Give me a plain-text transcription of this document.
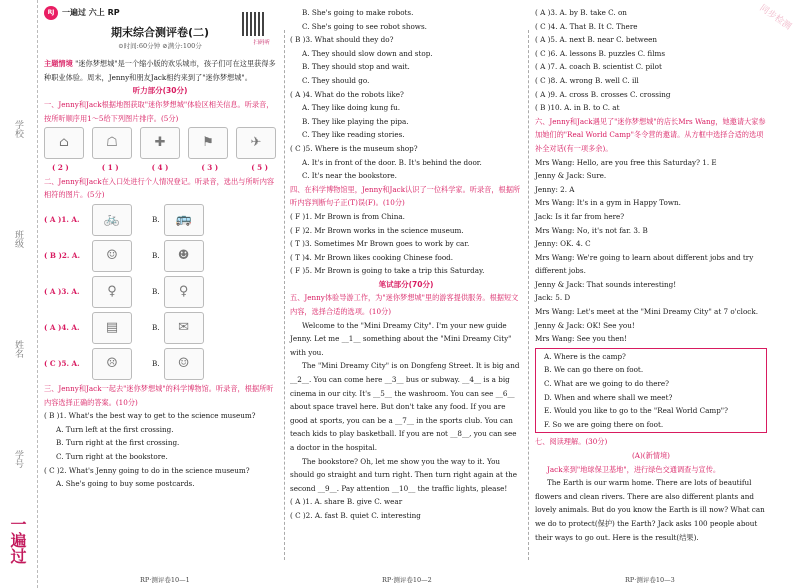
学校
班级
姓名
学号
一遍过
同步检测
RJ 一遍过 六上 RP
期末综合测评卷(二)
⊙时间:60分钟 ⊘满分:100分	扫码听
主题情境 "迷你梦想城"是一个缩小版的欢乐城市，孩子们可在这里获得多种职业体验。周末，Jenny和朋友Jack相约来到了"迷你梦想城"。
听力部分(30分)
一、Jenny和Jack根据地图获取"迷你梦想城"体验区相关信息。听录音，按所听顺序用1～5给下列图片排序。(5分)
⌂	☖	✚	⚑	✈
( 2 )	( 1 )	( 4 )	( 3 )	( 5 )
二、Jenny和Jack在入口处进行个人情况登记。听录音，选出与所听内容相符的图片。(5分)
( A )1. A.	🚲	B.	🚌
( B )2. A.	☺	B.	☻
( A )3. A.	♀	B.	♀
( A )4. A.	▤	B.	✉
( C )5. A.	☹	B.	☺
三、Jenny和Jack一起去"迷你梦想城"的科学博物馆。听录音，根据所听内容选择正确的答案。(10分)
( B )1. What's the best way to get to the science museum?
A. Turn left at the first crossing.
B. Turn right at the first crossing.
C. Turn right at the bookstore.
( C )2. What's Jenny going to do in the science museum?
A. She's going to buy some postcards.
RP·测评卷10—1
B. She's going to make robots.
C. She's going to see robot shows.
( B )3. What should they do?
A. They should slow down and stop.
B. They should stop and wait.
C. They should go.
( A )4. What do the robots like?
A. They like doing kung fu.
B. They like playing the pipa.
C. They like reading stories.
( C )5. Where is the museum shop?
A. It's in front of the door. B. It's behind the door.
C. It's near the bookstore.
四、在科学博物馆里，Jenny和Jack认识了一位科学家。听录音，根据所听内容判断句子正(T)误(F)。(10分)
( F )1. Mr Brown is from China.
( F )2. Mr Brown works in the science museum.
( T )3. Sometimes Mr Brown goes to work by car.
( T )4. Mr Brown likes cooking Chinese food.
( F )5. Mr Brown is going to take a trip this Saturday.
笔试部分(70分)
五、Jenny体验导游工作，为"迷你梦想城"里的游客提供服务。根据短文内容，选择合适的选项。(10分)
Welcome to the "Mini Dreamy City". I'm your new guide Jenny. Let me __1__ something about the "Mini Dreamy City" with you.
The "Mini Dreamy City" is on Dongfeng Street. It is big and __2__. You can come here __3__ bus or subway. __4__ is a big cinema in our city. It's __5__ the washroom. You can see __6__ about space travel here. But don't take any food. If you are good at sports, you can be a __7__ in the sports club. You can teach kids to play basketball. If you are not __8__, you can see a doctor in the hospital.
The bookstore? Oh, let me show you the way to it. You should go straight and turn right. Then turn right again at the second __9__. Pay attention __10__ the traffic lights, please!
( A )1. A. share B. give C. wear
( C )2. A. fast B. quiet C. interesting
RP·测评卷10—2
( A )3. A. by B. take C. on
( C )4. A. That B. It C. There
( A )5. A. next B. near C. between
( C )6. A. lessons B. puzzles C. films
( A )7. A. coach B. scientist C. pilot
( C )8. A. wrong B. well C. ill
( A )9. A. cross B. crosses C. crossing
( B )10. A. in B. to C. at
六、Jenny和Jack遇见了"迷你梦想城"的店长Mrs Wang，她邀请大家参加她们的"Real World Camp"冬令营的邀请。从方框中选择合适的选项补全对话(有一项多余)。
Mrs Wang: Hello, are you free this Saturday? 1. E
Jenny & Jack: Sure.
Jenny: 2. A
Mrs Wang: It's in a gym in Happy Town.
Jack: Is it far from here?
Mrs Wang: No, it's not far. 3. B
Jenny: OK. 4. C
Mrs Wang: We're going to learn about different jobs and try different jobs.
Jenny & Jack: That sounds interesting!
Jack: 5. D
Mrs Wang: Let's meet at the "Mini Dreamy City" at 7 o'clock.
Jenny & Jack: OK! See you!
Mrs Wang: See you then!
A. Where is the camp?
B. We can go there on foot.
C. What are we going to do there?
D. When and where shall we meet?
E. Would you like to go to the "Real World Camp"?
F. So we are going there on foot.
七、阅读理解。(30分)
(A)(新情境)
Jack来到"地球保卫基地"，进行绿色交通调查与宣传。
The Earth is our warm home. There are lots of beautiful flowers and clean rivers. There are also different plants and lovely animals. But do you know the Earth is ill now? What can we do to protect(保护) the Earth? Jack asks 100 people about their ways to go out. Here is the result(结果).
RP·测评卷10—3
